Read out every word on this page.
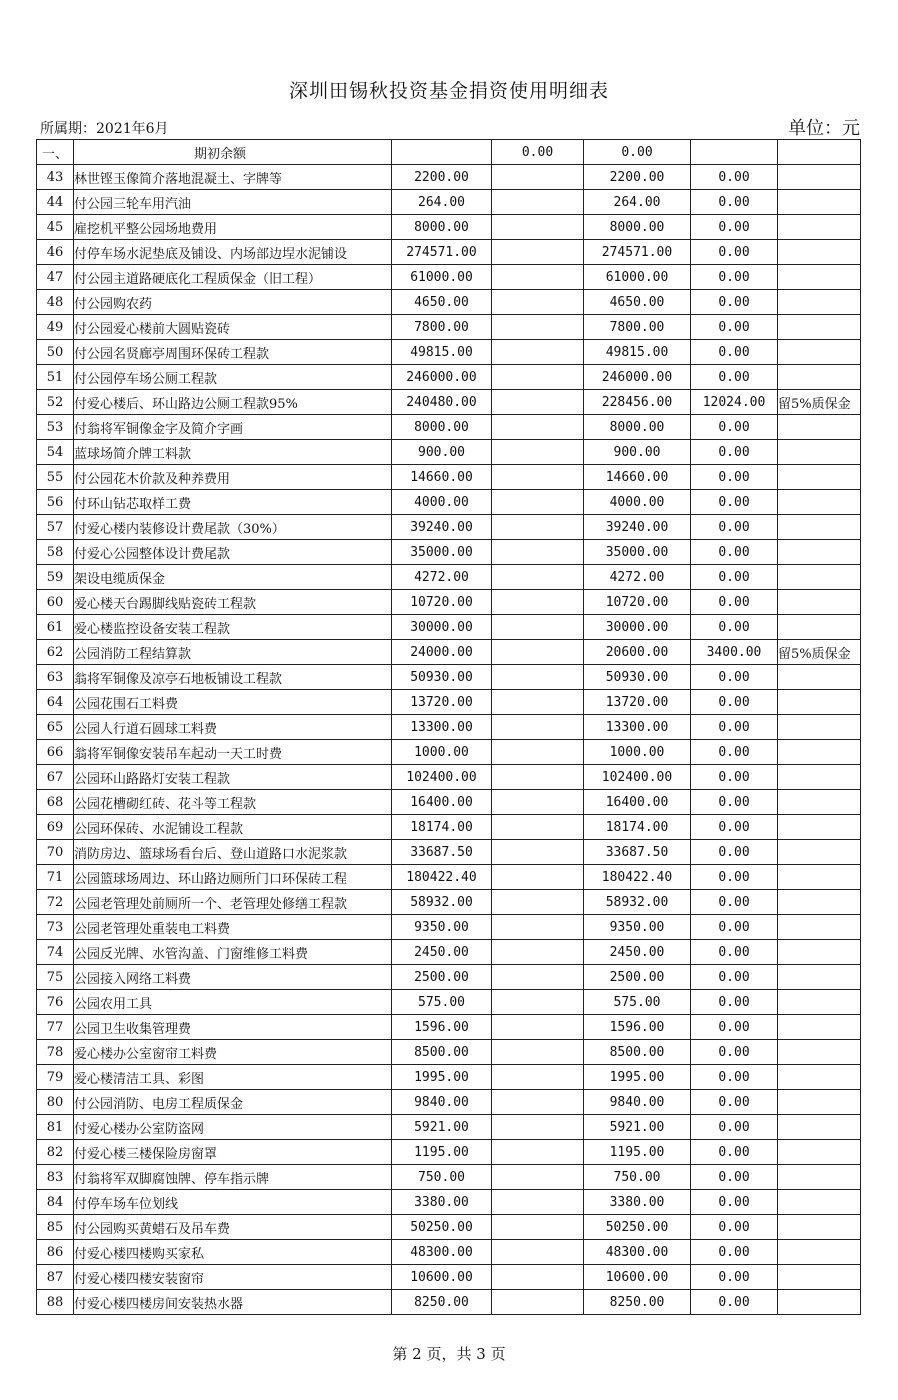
深圳田锡秋投资基金捐资使用明细表
所属期：2021年6月	单位：元
一、	期初余额		0.00	0.00		
43	林世铿玉像简介落地混凝土、字牌等	2200.00		2200.00	0.00	
44	付公园三轮车用汽油	264.00		264.00	0.00	
45	雇挖机平整公园场地费用	8000.00		8000.00	0.00	
46	付停车场水泥垫底及铺设、内场部边埕水泥铺设	274571.00		274571.00	0.00	
47	付公园主道路硬底化工程质保金（旧工程）	61000.00		61000.00	0.00	
48	付公园购农药	4650.00		4650.00	0.00	
49	付公园爱心楼前大圆贴瓷砖	7800.00		7800.00	0.00	
50	付公园名贤廊亭周围环保砖工程款	49815.00		49815.00	0.00	
51	付公园停车场公厕工程款	246000.00		246000.00	0.00	
52	付爱心楼后、环山路边公厕工程款95%	240480.00		228456.00	12024.00	留5%质保金
53	付翁将军铜像金字及简介字画	8000.00		8000.00	0.00	
54	蓝球场简介牌工料款	900.00		900.00	0.00	
55	付公园花木价款及种养费用	14660.00		14660.00	0.00	
56	付环山钻芯取样工费	4000.00		4000.00	0.00	
57	付爱心楼内装修设计费尾款（30%）	39240.00		39240.00	0.00	
58	付爱心公园整体设计费尾款	35000.00		35000.00	0.00	
59	架设电缆质保金	4272.00		4272.00	0.00	
60	爱心楼天台踢脚线贴瓷砖工程款	10720.00		10720.00	0.00	
61	爱心楼监控设备安装工程款	30000.00		30000.00	0.00	
62	公园消防工程结算款	24000.00		20600.00	3400.00	留5%质保金
63	翁将军铜像及凉亭石地板铺设工程款	50930.00		50930.00	0.00	
64	公园花围石工料费	13720.00		13720.00	0.00	
65	公园人行道石圆球工料费	13300.00		13300.00	0.00	
66	翁将军铜像安装吊车起动一天工时费	1000.00		1000.00	0.00	
67	公园环山路路灯安装工程款	102400.00		102400.00	0.00	
68	公园花槽砌红砖、花斗等工程款	16400.00		16400.00	0.00	
69	公园环保砖、水泥铺设工程款	18174.00		18174.00	0.00	
70	消防房边、篮球场看台后、登山道路口水泥浆款	33687.50		33687.50	0.00	
71	公园篮球场周边、环山路边厕所门口环保砖工程	180422.40		180422.40	0.00	
72	公园老管理处前厕所一个、老管理处修缮工程款	58932.00		58932.00	0.00	
73	公园老管理处重装电工料费	9350.00		9350.00	0.00	
74	公园反光牌、水管沟盖、门窗维修工料费	2450.00		2450.00	0.00	
75	公园接入网络工料费	2500.00		2500.00	0.00	
76	公园农用工具	575.00		575.00	0.00	
77	公园卫生收集管理费	1596.00		1596.00	0.00	
78	爱心楼办公室窗帘工料费	8500.00		8500.00	0.00	
79	爱心楼清洁工具、彩图	1995.00		1995.00	0.00	
80	付公园消防、电房工程质保金	9840.00		9840.00	0.00	
81	付爱心楼办公室防盗网	5921.00		5921.00	0.00	
82	付爱心楼三楼保险房窗罩	1195.00		1195.00	0.00	
83	付翁将军双脚腐蚀牌、停车指示牌	750.00		750.00	0.00	
84	付停车场车位划线	3380.00		3380.00	0.00	
85	付公园购买黄蜡石及吊车费	50250.00		50250.00	0.00	
86	付爱心楼四楼购买家私	48300.00		48300.00	0.00	
87	付爱心楼四楼安装窗帘	10600.00		10600.00	0.00	
88	付爱心楼四楼房间安装热水器	8250.00		8250.00	0.00	
第 2 页，共 3 页
